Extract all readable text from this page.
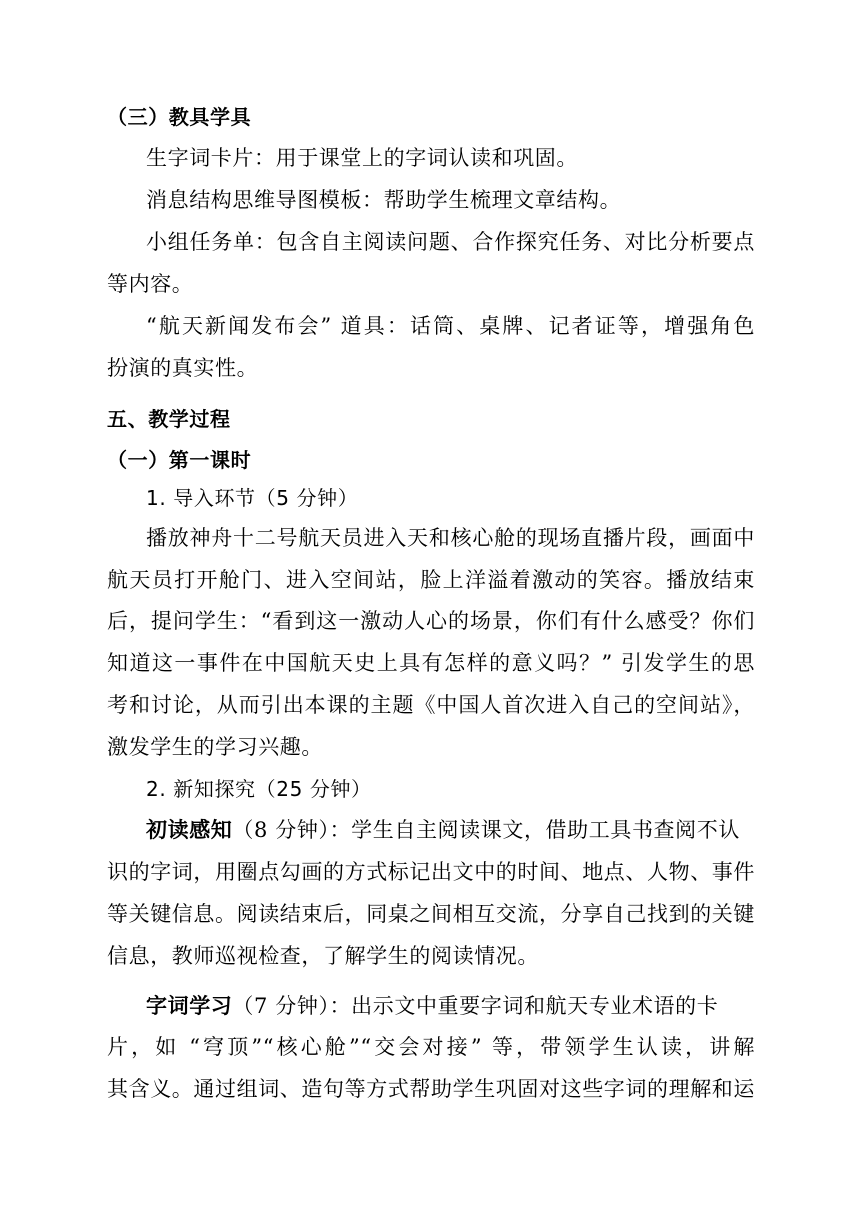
（三）教具学具
生字词卡片：用于课堂上的字词认读和巩固。
消息结构思维导图模板：帮助学生梳理文章结构。
小组任务单：包含自主阅读问题、合作探究任务、对比分析要点
等内容。
“航天新闻发布会” 道具：话筒、桌牌、记者证等，增强角色
扮演的真实性。
五、教学过程
（一）第一课时
1. 导入环节（5 分钟）
播放神舟十二号航天员进入天和核心舱的现场直播片段，画面中
航天员打开舱门、进入空间站，脸上洋溢着激动的笑容。播放结束
后，提问学生：“看到这一激动人心的场景，你们有什么感受？你们
知道这一事件在中国航天史上具有怎样的意义吗？” 引发学生的思
考和讨论，从而引出本课的主题《中国人首次进入自己的空间站》，
激发学生的学习兴趣。
2. 新知探究（25 分钟）
初读感知（8 分钟）：学生自主阅读课文，借助工具书查阅不认
识的字词，用圈点勾画的方式标记出文中的时间、地点、人物、事件
等关键信息。阅读结束后，同桌之间相互交流，分享自己找到的关键
信息，教师巡视检查，了解学生的阅读情况。
字词学习（7 分钟）：出示文中重要字词和航天专业术语的卡
片，如 “穹顶”“核心舱”“交会对接” 等，带领学生认读，讲解
其含义。通过组词、造句等方式帮助学生巩固对这些字词的理解和运
